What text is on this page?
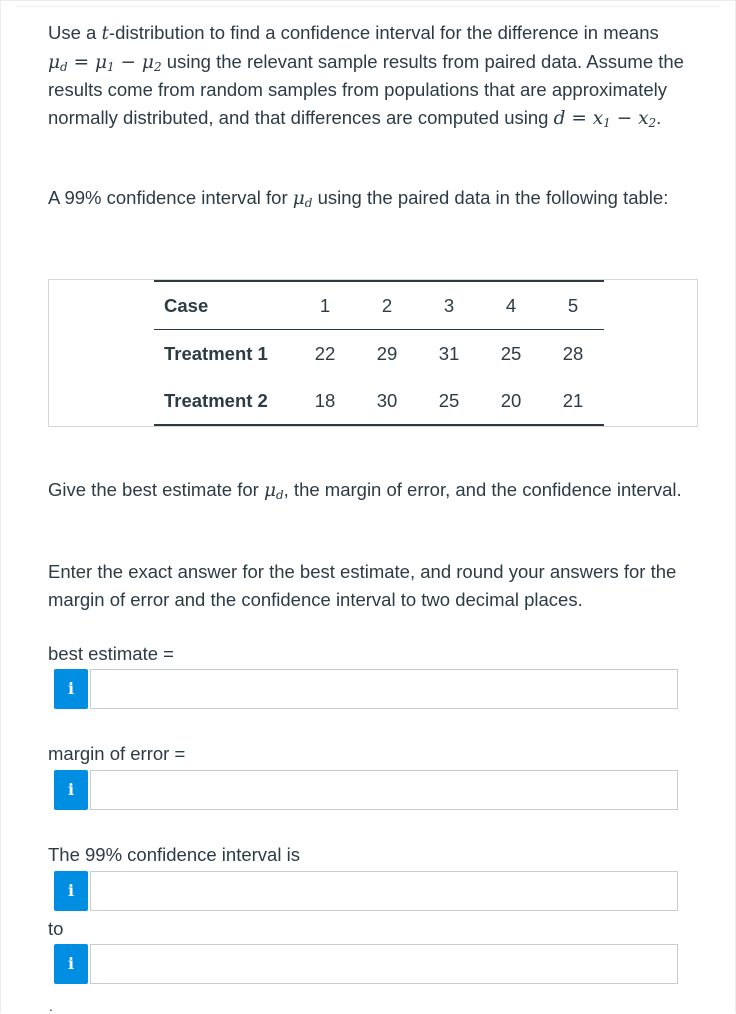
Use a t-distribution to find a confidence interval for the difference in means
$\mu_d = \mu_1 - \mu_2$ using the relevant sample results from paired data. Assume the results come from random samples from populations that are approximately normally distributed, and that differences are computed using $d = x_1 - x_2$.

A 99% confidence interval for $\mu_d$ using the paired data in the following table:

Case	1	2	3	4	5
Treatment 1	22	29	31	25	28
Treatment 2	18	30	25	20	21

Give the best estimate for $\mu_d$, the margin of error, and the confidence interval.

Enter the exact answer for the best estimate, and round your answers for the margin of error and the confidence interval to two decimal places.

best estimate =
i
margin of error =
i
The 99% confidence interval is
i
to
i
.
